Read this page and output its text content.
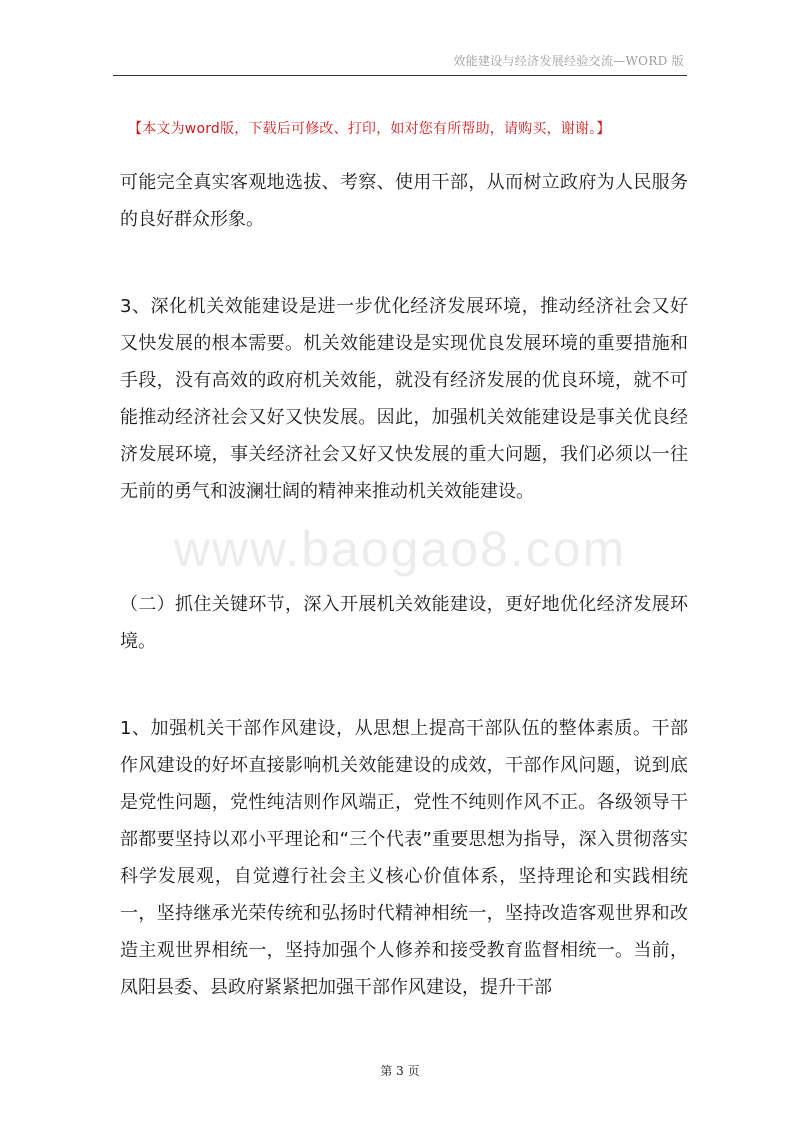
效能建设与经济发展经验交流—WORD 版
【本文为word版，下载后可修改、打印，如对您有所帮助，请购买，谢谢。】

可能完全真实客观地选拔、考察、使用干部，从而树立政府为人民服务的良好群众形象。

3、深化机关效能建设是进一步优化经济发展环境，推动经济社会又好又快发展的根本需要。机关效能建设是实现优良发展环境的重要措施和手段，没有高效的政府机关效能，就没有经济发展的优良环境，就不可能推动经济社会又好又快发展。因此，加强机关效能建设是事关优良经济发展环境，事关经济社会又好又快发展的重大问题，我们必须以一往无前的勇气和波澜壮阔的精神来推动机关效能建设。

（二）抓住关键环节，深入开展机关效能建设，更好地优化经济发展环境。

1、加强机关干部作风建设，从思想上提高干部队伍的整体素质。干部作风建设的好坏直接影响机关效能建设的成效，干部作风问题，说到底是党性问题，党性纯洁则作风端正，党性不纯则作风不正。各级领导干部都要坚持以邓小平理论和“三个代表”重要思想为指导，深入贯彻落实科学发展观，自觉遵行社会主义核心价值体系，坚持理论和实践相统一，坚持继承光荣传统和弘扬时代精神相统一，坚持改造客观世界和改造主观世界相统一，坚持加强个人修养和接受教育监督相统一。当前，凤阳县委、县政府紧紧把加强干部作风建设，提升干部

www.baogao8.com
第 3 页
